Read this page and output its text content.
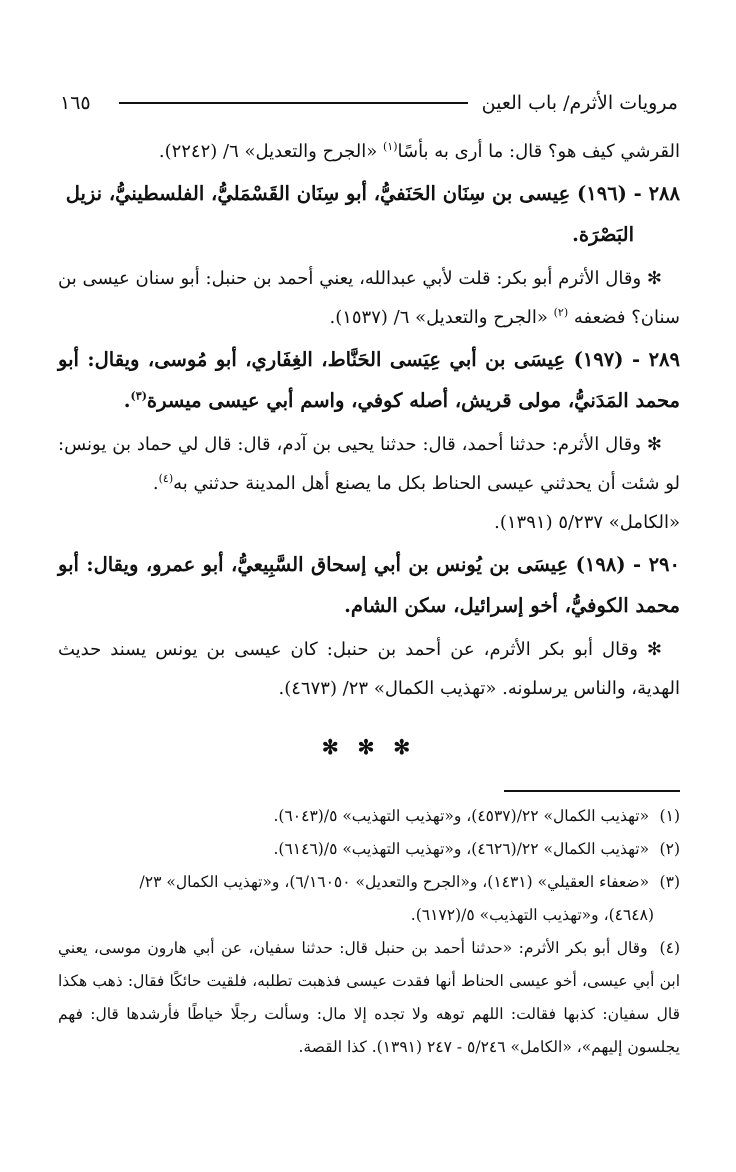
مرويات الأثرم/ باب العين
١٦٥

القرشي كيف هو؟ قال: ما أرى به بأسًا$^{(١)}$ «الجرح والتعديل» ٦/ (٢٢٤٢).

٢٨٨ - (١٩٦) عِيسى بن سِنَان الحَنَفيُّ، أبو سِنَان القَسْمَليُّ، الفلسطينيُّ، نزيل
البَصْرَة.

✻ وقال الأثرم أبو بكر: قلت لأبي عبدالله، يعني أحمد بن حنبل: أبو سنان عيسى بن سنان؟ فضعفه $^{(٢)}$ «الجرح والتعديل» ٦/ (١٥٣٧).

٢٨٩ - (١٩٧) عِيسَى بن أبي عِيَسى الحَنَّاط، الغِفَاري، أبو مُوسى، ويقال: أبو محمد المَدَنيُّ، مولى قريش، أصله كوفي، واسم أبي عيسى ميسرة$^{(٣)}$.

✻ وقال الأثرم: حدثنا أحمد، قال: حدثنا يحيى بن آدم، قال: قال لي حماد بن يونس: لو شئت أن يحدثني عيسى الحناط بكل ما يصنع أهل المدينة حدثني به$^{(٤)}$.
«الكامل» ٥/٢٣٧ (١٣٩١).

٢٩٠ - (١٩٨) عِيسَى بن يُونس بن أبي إسحاق السَّبِيعيُّ، أبو عمرو، ويقال: أبو محمد الكوفيُّ، أخو إسرائيل، سكن الشام.

✻ وقال أبو بكر الأثرم، عن أحمد بن حنبل: كان عيسى بن يونس يسند حديث الهدية، والناس يرسلونه. «تهذيب الكمال» ٢٣/ (٤٦٧٣).

✻ ✻ ✻

(١) «تهذيب الكمال» ٢٢/(٤٥٣٧)، و«تهذيب التهذيب» ٥/(٦٠٤٣).

(٢) «تهذيب الكمال» ٢٢/(٤٦٢٦)، و«تهذيب التهذيب» ٥/(٦١٤٦).

(٣) «ضعفاء العقيلي» (١٤٣١)، و«الجرح والتعديل» ٦/١٦٠٥٠)، و«تهذيب الكمال» ٢٣/
(٤٦٤٨)، و«تهذيب التهذيب» ٥/(٦١٧٢).

(٤) وقال أبو بكر الأثرم: «حدثنا أحمد بن حنبل قال: حدثنا سفيان، عن أبي هارون موسى، يعني ابن أبي عيسى، أخو عيسى الحناط أنها فقدت عيسى فذهبت تطلبه، فلقيت حائكًا فقال: ذهب هكذا قال سفيان: كذبها فقالت: اللهم توهه ولا تجده إلا مال: وسألت رجلًا خياطًا فأرشدها قال: فهم يجلسون إليهم»، «الكامل» ٥/٢٤٦ - ٢٤٧ (١٣٩١). كذا القصة.
